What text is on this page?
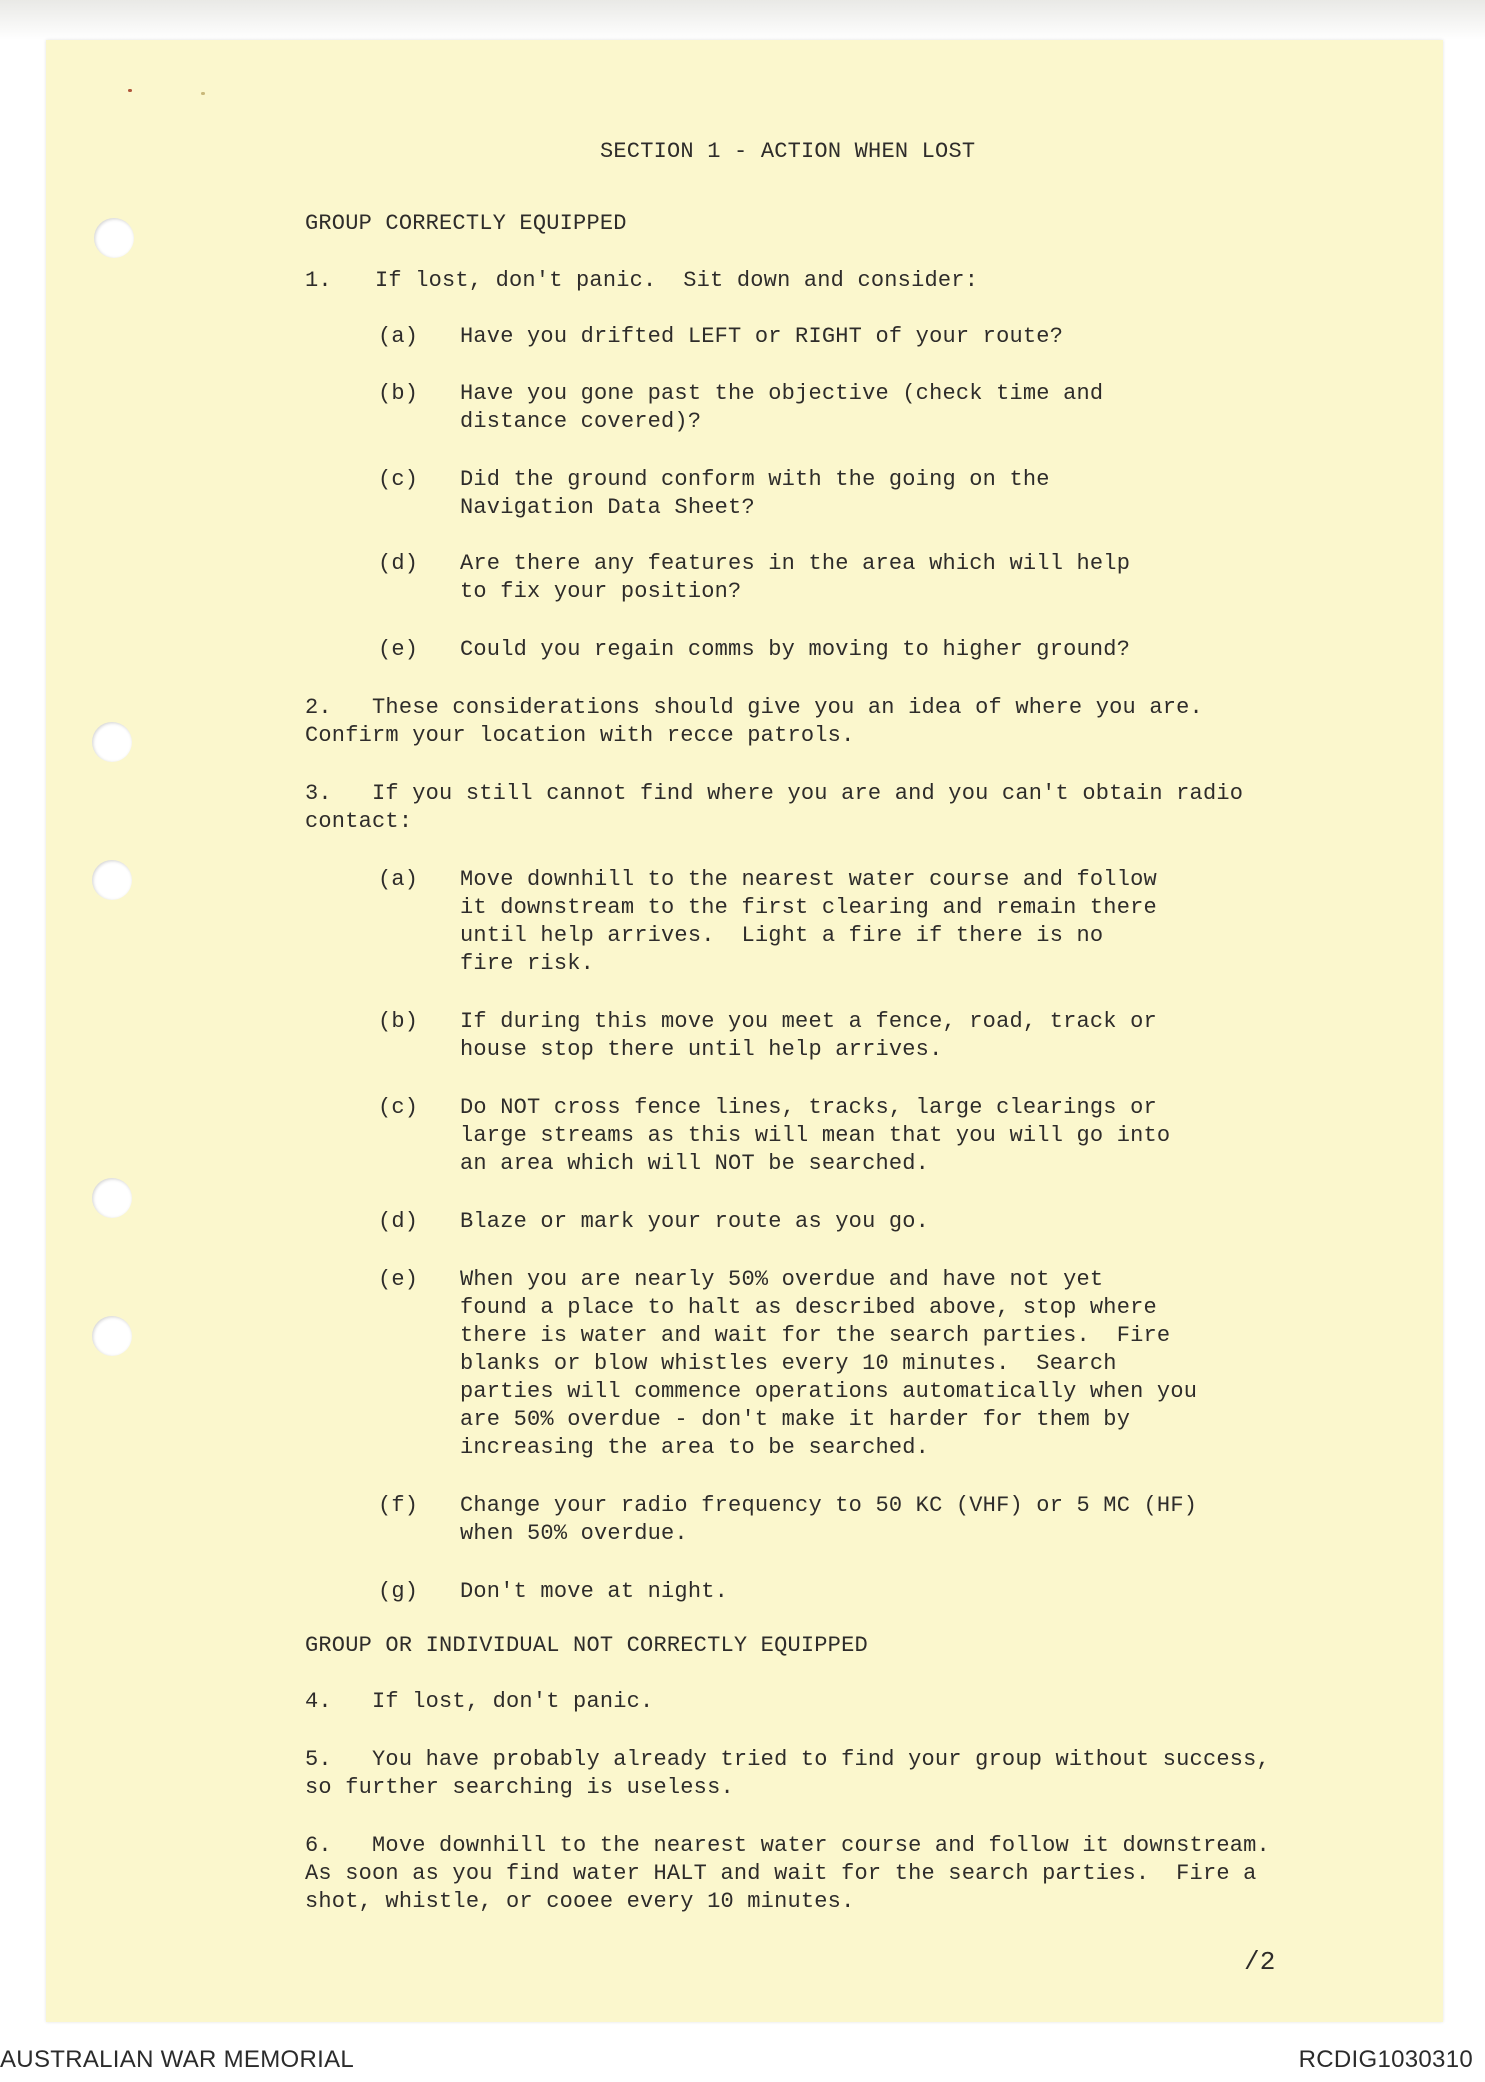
SECTION 1 - ACTION WHEN LOST
GROUP CORRECTLY EQUIPPED
1. If lost, don't panic.  Sit down and consider:
(a) Have you drifted LEFT or RIGHT of your route?
(b) Have you gone past the objective (check time and
distance covered)?
(c) Did the ground conform with the going on the
Navigation Data Sheet?
(d) Are there any features in the area which will help
to fix your position?
(e) Could you regain comms by moving to higher ground?
2.   These considerations should give you an idea of where you are.
Confirm your location with recce patrols.
3.   If you still cannot find where you are and you can't obtain radio
contact:
(a) Move downhill to the nearest water course and follow
it downstream to the first clearing and remain there
until help arrives.  Light a fire if there is no
fire risk.
(b) If during this move you meet a fence, road, track or
house stop there until help arrives.
(c) Do NOT cross fence lines, tracks, large clearings or
large streams as this will mean that you will go into
an area which will NOT be searched.
(d) Blaze or mark your route as you go.
(e) When you are nearly 50% overdue and have not yet
found a place to halt as described above, stop where
there is water and wait for the search parties.  Fire
blanks or blow whistles every 10 minutes.  Search
parties will commence operations automatically when you
are 50% overdue - don't make it harder for them by
increasing the area to be searched.
(f) Change your radio frequency to 50 KC (VHF) or 5 MC (HF)
when 50% overdue.
(g) Don't move at night.
GROUP OR INDIVIDUAL NOT CORRECTLY EQUIPPED
4.   If lost, don't panic.
5.   You have probably already tried to find your group without success,
so further searching is useless.
6.   Move downhill to the nearest water course and follow it downstream.
As soon as you find water HALT and wait for the search parties.  Fire a
shot, whistle, or cooee every 10 minutes.
/2
AUSTRALIAN WAR MEMORIAL	RCDIG1030310
